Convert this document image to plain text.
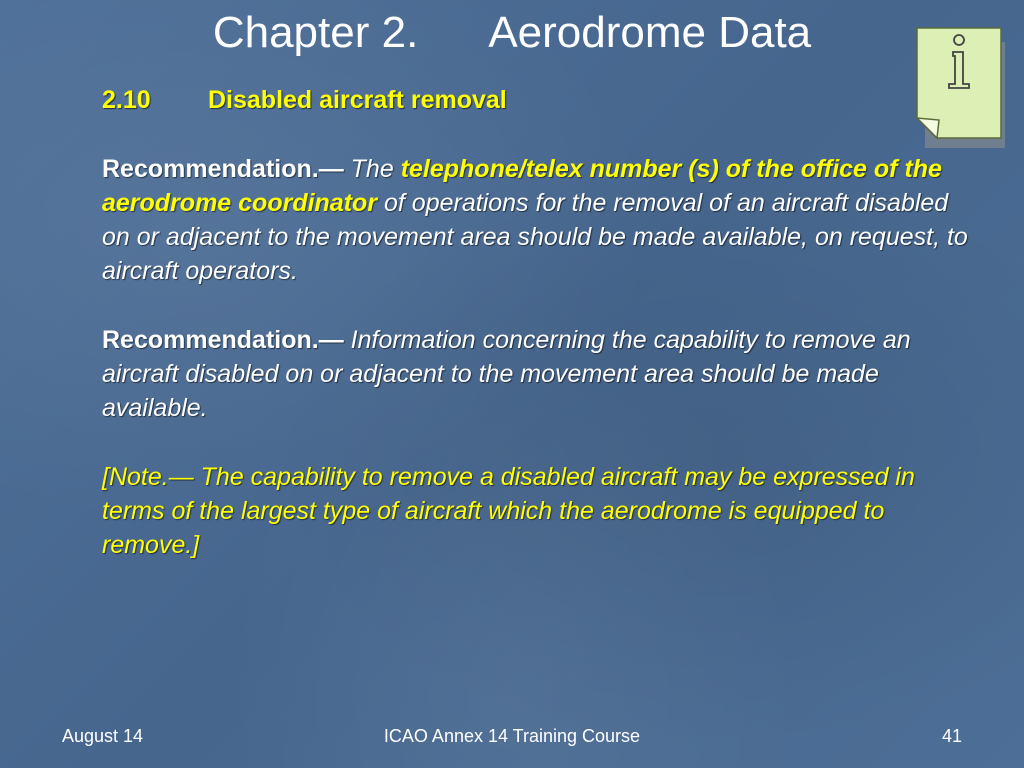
Chapter 2. Aerodrome Data
2.10 Disabled aircraft removal
Recommendation.— The telephone/telex number (s) of the office of the aerodrome coordinator of operations for the removal of an aircraft disabled on or adjacent to the movement area should be made available, on request, to aircraft operators.
Recommendation.— Information concerning the capability to remove an aircraft disabled on or adjacent to the movement area should be made available.
[Note.— The capability to remove a disabled aircraft may be expressed in terms of the largest type of aircraft which the aerodrome is equipped to remove.]
August 14	ICAO Annex 14 Training Course	41
